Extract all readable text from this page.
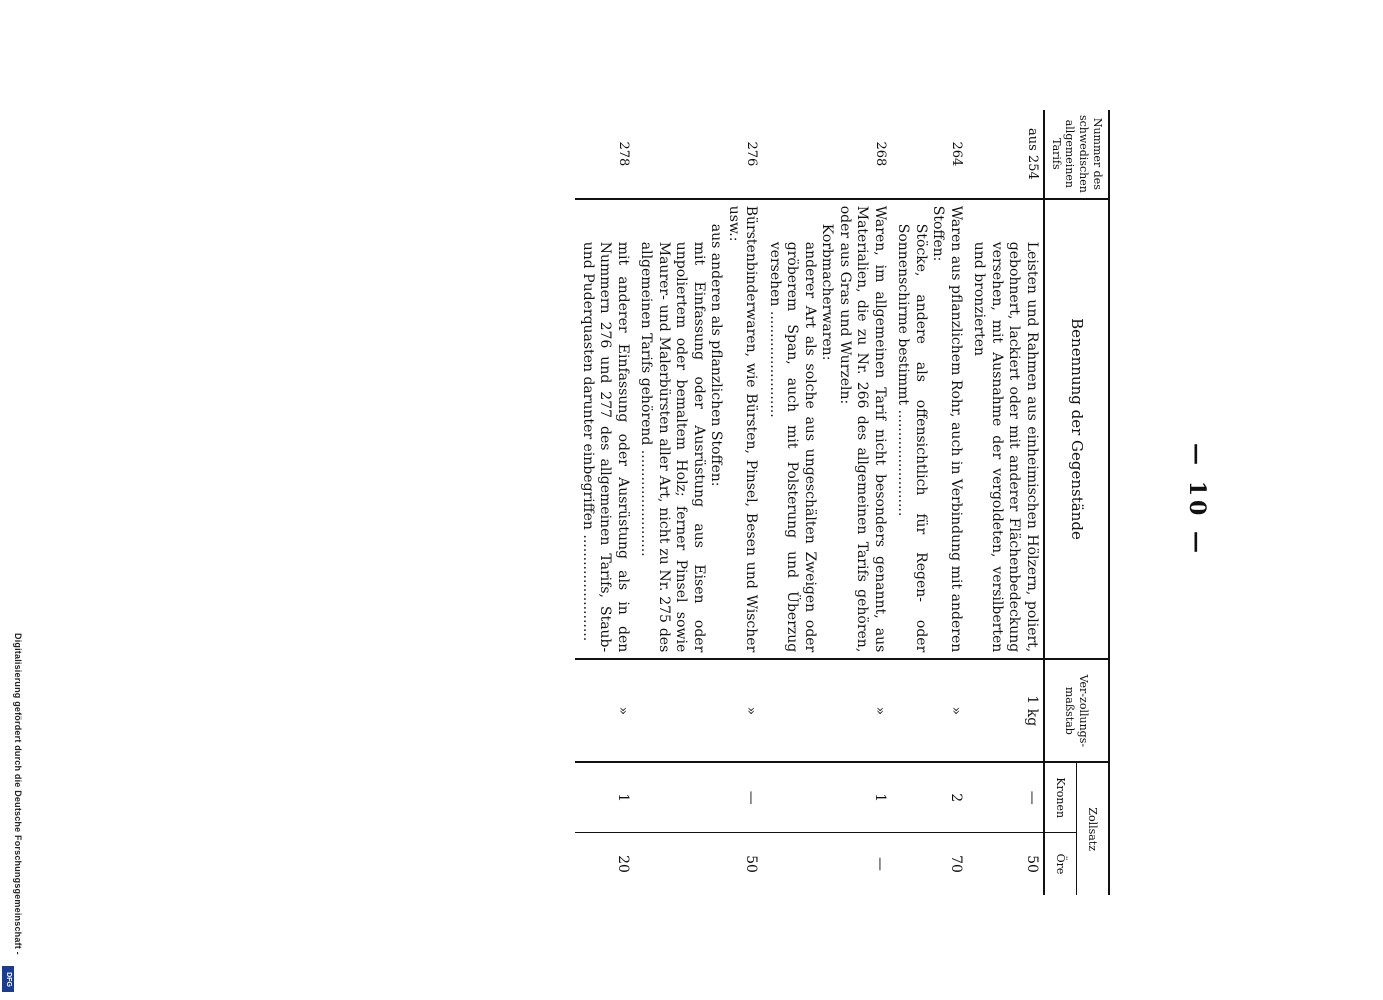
Digitalisierung gefördert durch die Deutsche Forschungsgemeinschaft -
DFG
— 10 —
Nummer des schwedischen allgemeinen Tarifs	Benennung der Gegenstände	Ver-zollungs-maßstab	Zollsatz	
			Kronen	Öre
aus 254	Leisten und Rahmen aus einheimischen Hölzern, poliert, gebohnert, lackiert oder mit anderer Flächenbedeckung versehen, mit Ausnahme der vergoldeten, versilberten und bronzierten	1 kg	—	50
264	Waren aus pflanzlichem Rohr, auch in Verbindung mit anderen Stoffen:
Stöcke, andere als offensichtlich für Regen- oder Sonnenschirme bestimmt ........................	»	2	70
268	Waren, im allgemeinen Tarif nicht besonders genannt, aus Materialien, die zu Nr. 266 des allgemeinen Tarifs gehören, oder aus Gras und Wurzeln:
Korbmacherwaren:
anderer Art als solche aus ungeschälten Zweigen oder gröberem Span, auch mit Polsterung und Überzug versehen ........................	»	1	—
276	Bürstenbinderwaren, wie Bürsten, Pinsel, Besen und Wischer usw.:
aus anderen als pflanzlichen Stoffen:
mit Einfassung oder Ausrüstung aus Eisen oder unpoliertem oder bemaltem Holz; ferner Pinsel sowie Maurer- und Malerbürsten aller Art, nicht zu Nr. 275 des allgemeinen Tarifs gehörend ........................	»	—	50
278	mit anderer Einfassung oder Ausrüstung als in den Nummern 276 und 277 des allgemeinen Tarifs, Staub- und Puderquasten darunter einbegriffen ........................	»	1	20
